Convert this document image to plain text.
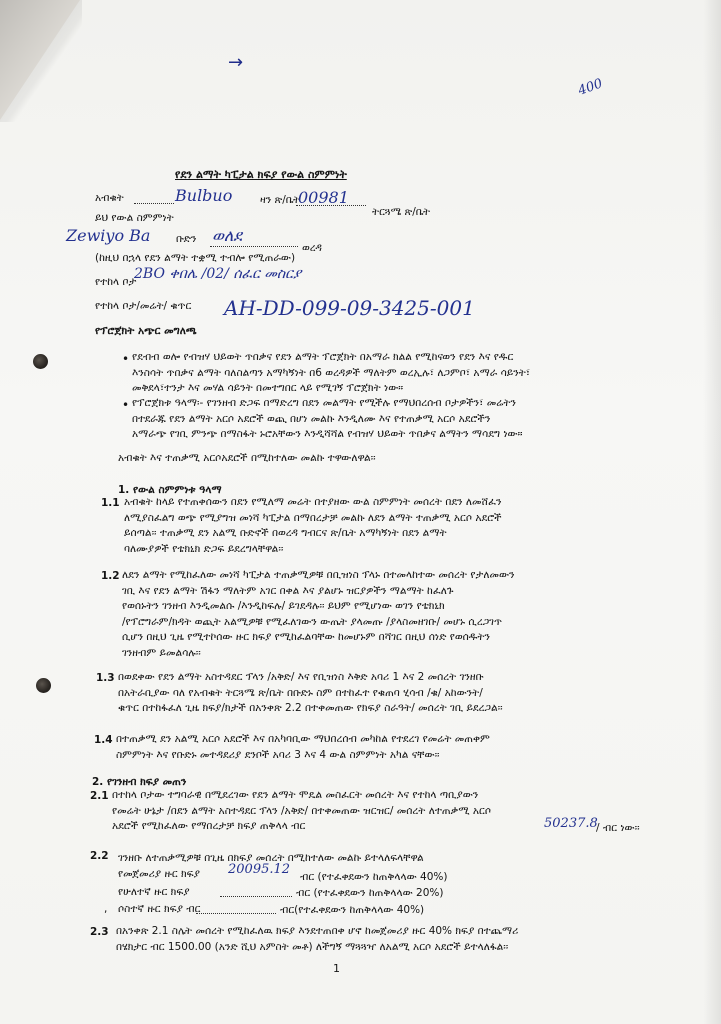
→
400
የደን ልማት ካፒታል ክፍያ የውል ስምምነት
አብቁት	Bulbuo	ዛን ጽ/ቤት
00981
ትርጓሜ ጽ/ቤት
ይህ የውል ስምምነት
Zewiyo Ba ቡድን ወለደ
ወረዳ
(ከዚህ በኋላ የደን ልማት ተቋሚ ተብሎ የሚጠራው)
የተከላ ቦታ
2BO ቀበሌ /02/ ሰፈር መስርያ
የተከላ ቦታ/መሬት/ ቁጥር AH-DD-099-09-3425-001
የፕሮጀክት አጭር መግለጫ
• የደብብ ወሎ የብዝሃ ህይወት ጥበቃና የደን ልማት ፕሮጀክት በአማራ ክልል የሚከናወን የደን እና የዱር
እንስሳት ጥበቃና ልማት ባለስልጣን አማካኝነት በ6 ወረዳዎች ማለትም ወረኢሉ፣ ለጋምቦ፣ አማራ ሳይንት፣
መቅደላ፣ተንታ እና መሃል ሳይንት በመተግበር ላይ የሚገኝ ፕሮጀክት ነው።
• የፕሮጀክቱ ዓላማ፡- የገንዘብ ድጋፍ በማድረግ በደን መልማት የሚችሉ የማህበረሰብ ቦታዎችን፣ መሬትን
በተደራጁ የደን ልማት አርሶ አደሮች ወጪ በሆነ መልኩ እንዲለሙ እና የተጠቃሚ አርሶ አደሮችን
አማራጭ የገቢ ምንጭ በማስፋት ኑሮአቸውን እንዲሻሻል የብዝሃ ህይወት ጥበቃና ልማትን ማሳደግ ነው።
አብቁት እና ተጠቃሚ አርሶአደሮች በሚከተለው መልኩ ተዋውለዋል፡፡
1. የውል ስምምነቱ ዓላማ
1.1 አብቁት ከላይ የተጠቀሰውን በደን የሚለማ መሬት በተያዘው ውል ስምምነት መሰረት በደን ለመሸፈን
ለሚያስፈልግ ወጭ የሚያግዝ መነሻ ካፒታል በማበረታቻ መልኩ ለደን ልማት ተጠቃሚ አርሶ አደሮች
ይሰጣል፡፡ ተጠቃሚ ደን አልሚ ቡድኖች በወረዳ ግብርና ጽ/ቤት አማካኝነት በደን ልማት
ባለሙያዎች የቴክኒክ ድጋፍ ይደረግላቸዋል፡፡
1.2 ለደን ልማት የሚከፈለው መነሻ ካፒታል ተጠቃሚዎቹ በቢዝነስ ፕላኑ በተመላከተው መሰረት የታለመውን
ገቢ እና የደን ልማት ሽፋን ማለትም አገር በቀል እና ያልሆኑ ዝርያዎችን ማልማት ከፈለጉ
የወሰኑትን ገንዘብ እንዲመልሱ /እንዲከፍሉ/ ይገደዳሉ፡፡ ይህም የሚሆነው ወገን የቴክኒክ
/የፕሮግራም/ክዳት ወጪት አልሚዎቹ የሚፈለገውን ውጤት ያላመጡ /ያላስመዘገቡ/ መሆኑ ሲረጋገጥ
ሲሆን በዚህ ጊዜ የሚተኮሰው ዙር ክፍያ የሚከፈልባቸው ከመሆኑም በሻገር በዚህ ሰነድ የወሰዱትን
ገንዘብም ይመልሳሉ፡፡
1.3 በወደቀው የደን ልማት አስተዳደር ፕላን /አቅድ/ እና የቢዝነስ እቅድ አባሪ 1 እና 2 መሰረት ገንዘቡ
በአትራቢያው ባለ የአብቁት ትርጓሜ ጽ/ቤት በቡድኑ ስም በተከፈተ የቁጠባ ሂሳብ /ቁ/ አከውንት/
ቁጥር በተከፋፈለ ጊዜ ክፍያ/ክታች በአንቀጽ 2.2 በተቀመጠው የክፍያ ስራዓት/ መሰረት ገቢ ይደረጋል፡፡
1.4 በተጠቃሚ ደን አልሚ አርሶ አደሮች እና በአካባቢው ማህበረሰብ መካከል የተደረገ የመሬት መጠቀም
ስምምነት እና የቡድኑ መተዳደሪያ ደንቦች አባሪ 3 እና 4 ውል ስምምነት አካል ናቸው፡፡
2. የገንዘብ ክፍያ መጠን
2.1 በተከላ ቦታው ተግባራዊ በሚደረገው የደን ልማት ሞዴል መስፈርት መሰረት እና የተከላ ጣቢያውን
የመሬት ሁኔታ /በደን ልማት አስተዳደር ፕላን /አቅድ/ በተቀመጠው ዝርዝር/ መሰረት ለተጠቃሚ አርሶ
አደሮች የሚከፈለው የማበረታቻ ክፍያ ጠቅላላ ብር	50237.8
/ ብር ነው፡፡
2.2 ገንዘቡ ለተጠቃሚዎቹ በጊዜ በክፍያ መሰረት በሚከተለው መልኩ ይተላለፍላቸዋል
የመጀመሪያ ዙር ክፍያ 20095.12 ብር (የተፈቀደውን ከጠቅላላው 40%)
የሁለተኛ ዙር ክፍያ	ብር (የተፈቀደውን ከጠቅላላው 20%)
, ሶስተኛ ዙር ክፍያ ብር	ብር(የተፈቀደውን ከጠቅላላው 40%)
2.3 በአንቀጽ 2.1 ስሌት መሰረት የሚከፈለዉ ክፍያ እንደተጠበቀ ሆኖ ከመጀመሪያ ዙር 40% ክፍያ በተጨማሪ
በሄክታር ብር 1500.00 (አንድ ሺህ አምስት መቶ) ለችግኝ ማጓጓዣ ለአልሚ አርሶ አደሮች ይተላለፋል፡፡
1
